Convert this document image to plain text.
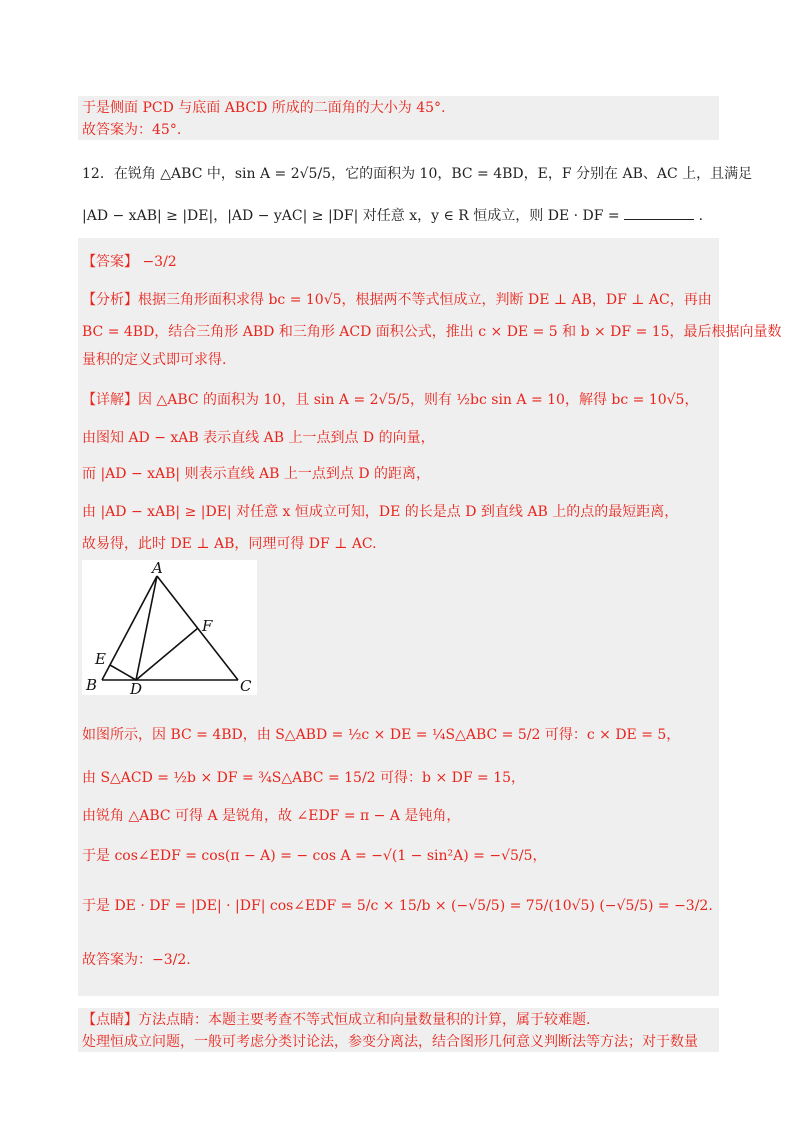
于是侧面 PCD 与底面 ABCD 所成的二面角的大小为 45°.
故答案为：45°.
12．在锐角 △ABC 中，sin A = 2√5/5，它的面积为 10，BC = 4BD，E，F 分别在 AB、AC 上，且满足
|AD − xAB| ≥ |DE|，|AD − yAC| ≥ |DF| 对任意 x，y ∈ R 恒成立，则 DE · DF =	.
【答案】 −3/2
【分析】根据三角形面积求得 bc = 10√5，根据两不等式恒成立，判断 DE ⊥ AB，DF ⊥ AC，再由
BC = 4BD，结合三角形 ABD 和三角形 ACD 面积公式，推出 c × DE = 5 和 b × DF = 15，最后根据向量数
量积的定义式即可求得.
【详解】因 △ABC 的面积为 10，且 sin A = 2√5/5，则有 ½bc sin A = 10，解得 bc = 10√5，
由图知 AD − xAB 表示直线 AB 上一点到点 D 的向量，
而 |AD − xAB| 则表示直线 AB 上一点到点 D 的距离，
由 |AD − xAB| ≥ |DE| 对任意 x 恒成立可知，DE 的长是点 D 到直线 AB 上的点的最短距离，
故易得，此时 DE ⊥ AB，同理可得 DF ⊥ AC.
A
B	C
D
E
F
如图所示，因 BC = 4BD，由 S△ABD = ½c × DE = ¼S△ABC = 5/2 可得：c × DE = 5，
由 S△ACD = ½b × DF = ¾S△ABC = 15/2 可得：b × DF = 15，
由锐角 △ABC 可得 A 是锐角，故 ∠EDF = π − A 是钝角，
于是 cos∠EDF = cos(π − A) = − cos A = −√(1 − sin²A) = −√5/5，
于是 DE · DF = |DE| · |DF| cos∠EDF = 5/c × 15/b × (−√5/5) = 75/(10√5) (−√5/5) = −3/2.
故答案为：−3/2.
【点睛】方法点睛：本题主要考查不等式恒成立和向量数量积的计算，属于较难题.
处理恒成立问题，一般可考虑分类讨论法，参变分离法，结合图形几何意义判断法等方法；对于数量
